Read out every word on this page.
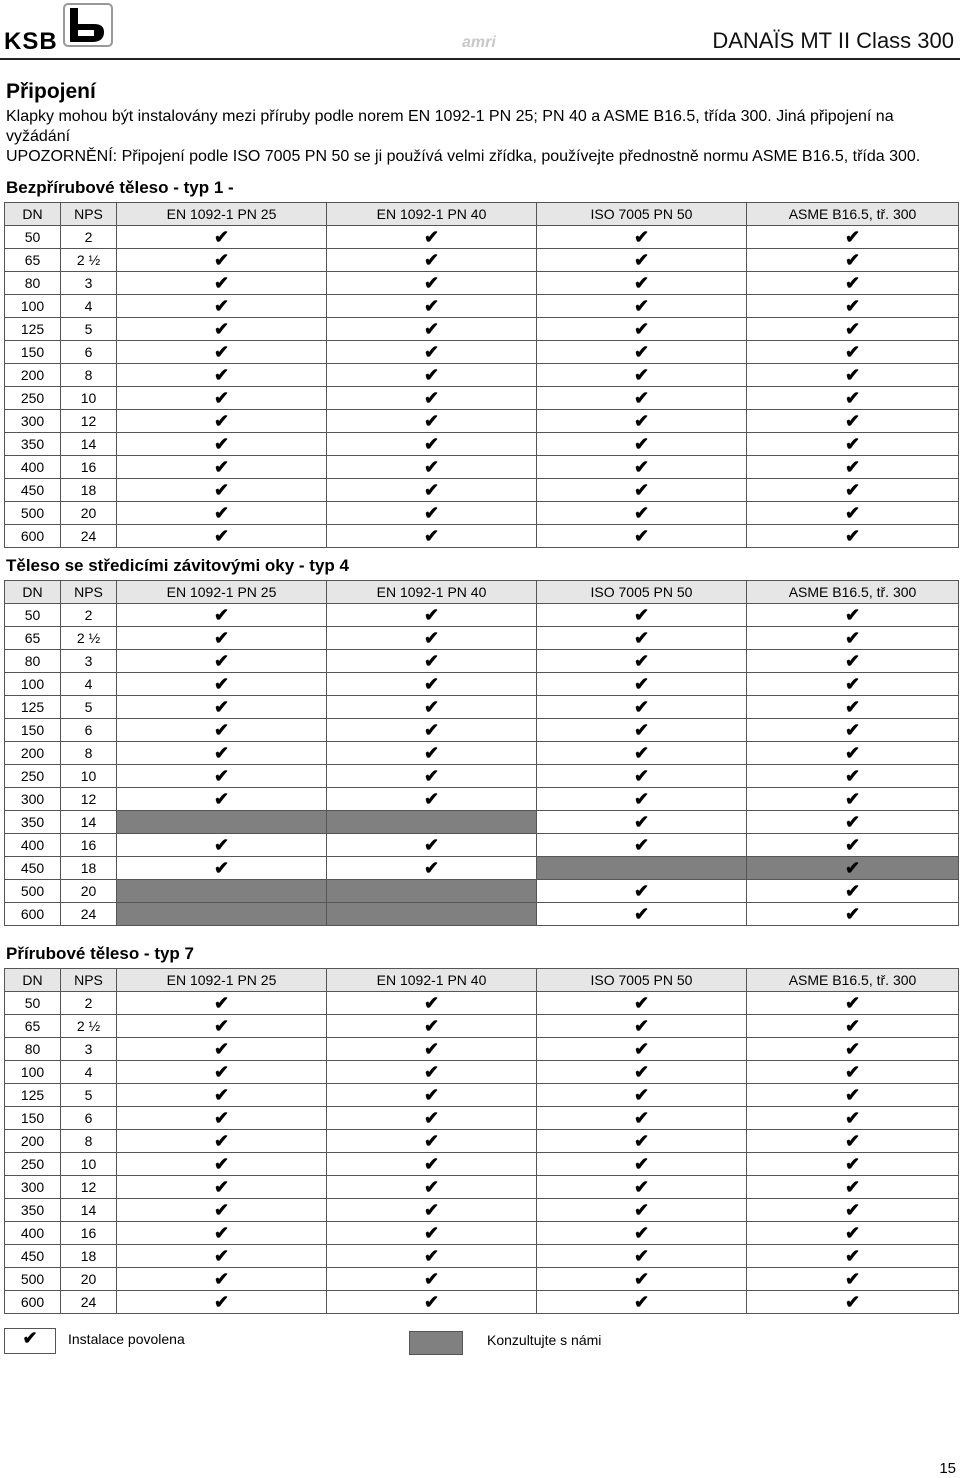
KSB	amri	DANAÏS MT II Class 300
Připojení
Klapky mohou být instalovány mezi příruby podle norem EN 1092-1 PN 25; PN 40 a ASME B16.5, třída 300. Jiná připojení na vyžádání
UPOZORNĚNÍ: Připojení podle ISO 7005 PN 50 se ji používá velmi zřídka, používejte přednostně normu ASME B16.5, třída 300.
Bezpřírubové těleso - typ 1 -
Těleso se středicími závitovými oky - typ 4
Přírubové těleso - typ 7
DN	NPS	EN 1092-1 PN 25	EN 1092-1 PN 40	ISO 7005 PN 50	ASME B16.5, tř. 300
50	2	✔	✔	✔	✔
65	2 ½	✔	✔	✔	✔
80	3	✔	✔	✔	✔
100	4	✔	✔	✔	✔
125	5	✔	✔	✔	✔
150	6	✔	✔	✔	✔
200	8	✔	✔	✔	✔
250	10	✔	✔	✔	✔
300	12	✔	✔	✔	✔
350	14	✔	✔	✔	✔
400	16	✔	✔	✔	✔
450	18	✔	✔	✔	✔
500	20	✔	✔	✔	✔
600	24	✔	✔	✔	✔
DN	NPS	EN 1092-1 PN 25	EN 1092-1 PN 40	ISO 7005 PN 50	ASME B16.5, tř. 300
50	2	✔	✔	✔	✔
65	2 ½	✔	✔	✔	✔
80	3	✔	✔	✔	✔
100	4	✔	✔	✔	✔
125	5	✔	✔	✔	✔
150	6	✔	✔	✔	✔
200	8	✔	✔	✔	✔
250	10	✔	✔	✔	✔
300	12	✔	✔	✔	✔
350	14			✔	✔
400	16	✔	✔	✔	✔
450	18	✔	✔		✔
500	20			✔	✔
600	24			✔	✔
DN	NPS	EN 1092-1 PN 25	EN 1092-1 PN 40	ISO 7005 PN 50	ASME B16.5, tř. 300
50	2	✔	✔	✔	✔
65	2 ½	✔	✔	✔	✔
80	3	✔	✔	✔	✔
100	4	✔	✔	✔	✔
125	5	✔	✔	✔	✔
150	6	✔	✔	✔	✔
200	8	✔	✔	✔	✔
250	10	✔	✔	✔	✔
300	12	✔	✔	✔	✔
350	14	✔	✔	✔	✔
400	16	✔	✔	✔	✔
450	18	✔	✔	✔	✔
500	20	✔	✔	✔	✔
600	24	✔	✔	✔	✔
✔	Instalace povolena	Konzultujte s námi
15
